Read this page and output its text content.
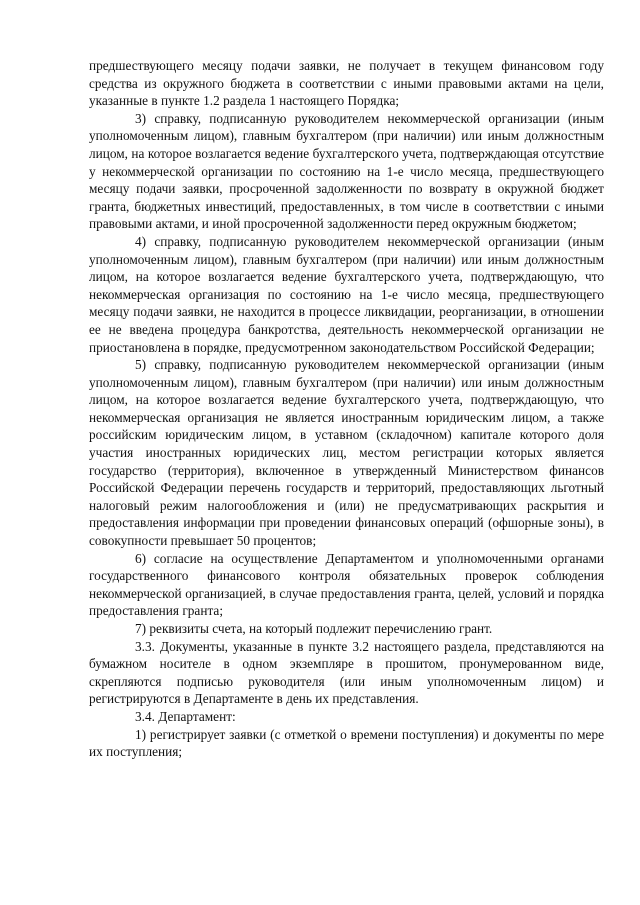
предшествующего месяцу подачи заявки, не получает в текущем финансовом году средства из окружного бюджета в соответствии с иными правовыми актами на цели, указанные в пункте 1.2 раздела 1 настоящего Порядка;

3) справку, подписанную руководителем некоммерческой организации (иным уполномоченным лицом), главным бухгалтером (при наличии) или иным должностным лицом, на которое возлагается ведение бухгалтерского учета, подтверждающая отсутствие у некоммерческой организации по состоянию на 1-е число месяца, предшествующего месяцу подачи заявки, просроченной задолженности по возврату в окружной бюджет гранта, бюджетных инвестиций, предоставленных, в том числе в соответствии с иными правовыми актами, и иной просроченной задолженности перед окружным бюджетом;

4) справку, подписанную руководителем некоммерческой организации (иным уполномоченным лицом), главным бухгалтером (при наличии) или иным должностным лицом, на которое возлагается ведение бухгалтерского учета, подтверждающую, что некоммерческая организация по состоянию на 1-е число месяца, предшествующего месяцу подачи заявки, не находится в процессе ликвидации, реорганизации, в отношении ее не введена процедура банкротства, деятельность некоммерческой организации не приостановлена в порядке, предусмотренном законодательством Российской Федерации;

5) справку, подписанную руководителем некоммерческой организации (иным уполномоченным лицом), главным бухгалтером (при наличии) или иным должностным лицом, на которое возлагается ведение бухгалтерского учета, подтверждающую, что некоммерческая организация не является иностранным юридическим лицом, а также российским юридическим лицом, в уставном (складочном) капитале которого доля участия иностранных юридических лиц, местом регистрации которых является государство (территория), включенное в утвержденный Министерством финансов Российской Федерации перечень государств и территорий, предоставляющих льготный налоговый режим налогообложения и (или) не предусматривающих раскрытия и предоставления информации при проведении финансовых операций (офшорные зоны), в совокупности превышает 50 процентов;

6) согласие на осуществление Департаментом и уполномоченными органами государственного финансового контроля обязательных проверок соблюдения некоммерческой организацией, в случае предоставления гранта, целей, условий и порядка предоставления гранта;

7) реквизиты счета, на который подлежит перечислению грант.

3.3. Документы, указанные в пункте 3.2 настоящего раздела, представляются на бумажном носителе в одном экземпляре в прошитом, пронумерованном виде, скрепляются подписью руководителя (или иным уполномоченным лицом) и регистрируются в Департаменте в день их представления.

3.4. Департамент:

1) регистрирует заявки (с отметкой о времени поступления) и документы по мере их поступления;
